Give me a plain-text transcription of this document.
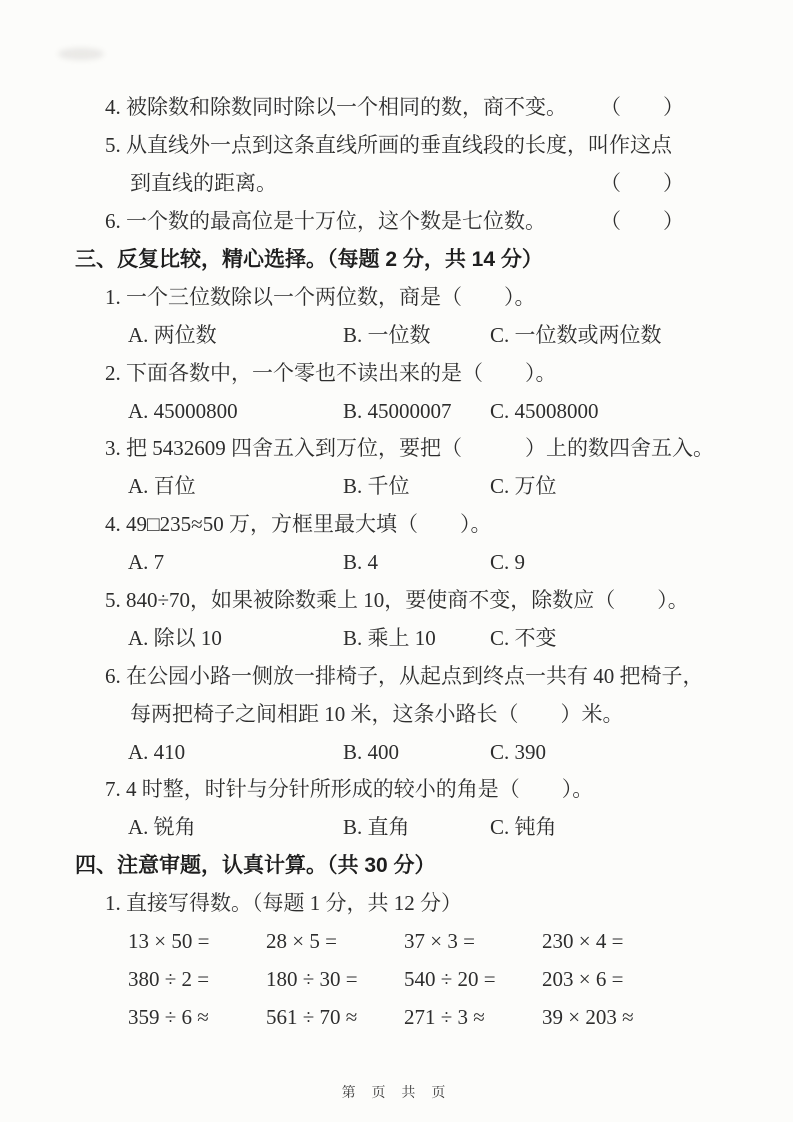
4. 被除数和除数同时除以一个相同的数，商不变。 （　　）
5. 从直线外一点到这条直线所画的垂直线段的长度，叫作这点
到直线的距离。	（　　）
6. 一个数的最高位是十万位，这个数是七位数。	（　　）
三、反复比较，精心选择。（每题 2 分，共 14 分）
1. 一个三位数除以一个两位数，商是（　　）。
A. 两位数	B. 一位数	C. 一位数或两位数
2. 下面各数中，一个零也不读出来的是（　　）。
A. 45000800	B. 45000007	C. 45008000
3. 把 5432609 四舍五入到万位，要把（　　　）上的数四舍五入。
A. 百位	B. 千位	C. 万位
4. 49□235≈50 万，方框里最大填（　　）。
A. 7	B. 4	C. 9
5. 840÷70，如果被除数乘上 10，要使商不变，除数应（　　）。
A. 除以 10	B. 乘上 10	C. 不变
6. 在公园小路一侧放一排椅子，从起点到终点一共有 40 把椅子，
每两把椅子之间相距 10 米，这条小路长（　　）米。
A. 410	B. 400	C. 390
7. 4 时整，时针与分针所形成的较小的角是（　　）。
A. 锐角	B. 直角	C. 钝角
四、注意审题，认真计算。（共 30 分）
1. 直接写得数。（每题 1 分，共 12 分）
13 × 50 =	28 × 5 =	37 × 3 =	230 × 4 =
380 ÷ 2 =	180 ÷ 30 =	540 ÷ 20 =	203 × 6 =
359 ÷ 6 ≈	561 ÷ 70 ≈	271 ÷ 3 ≈	39 × 203 ≈
第 页 共 页
